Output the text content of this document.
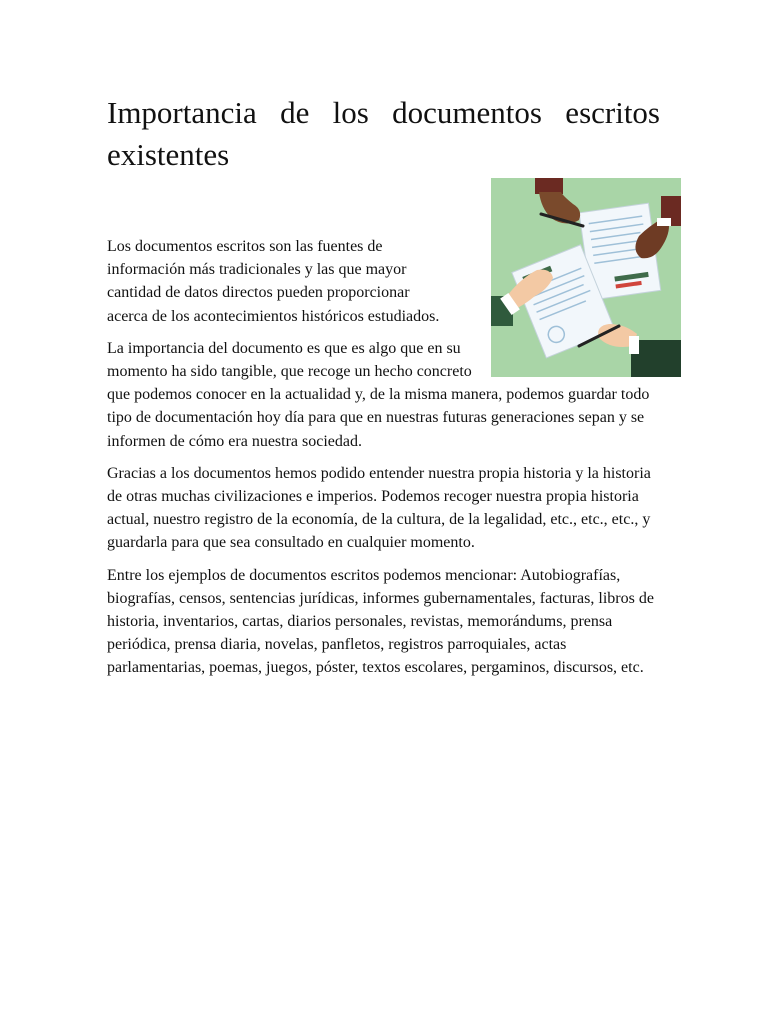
Importancia de los documentos escritos existentes

Los documentos escritos son las fuentes de información más tradicionales y las que mayor cantidad de datos directos pueden proporcionar acerca de los acontecimientos históricos estudiados.

La importancia del documento es que es algo que en su momento ha sido tangible, que recoge un hecho concreto que podemos conocer en la actualidad y, de la misma manera, podemos guardar todo tipo de documentación hoy día para que en nuestras futuras generaciones sepan y se informen de cómo era nuestra sociedad.

Gracias a los documentos hemos podido entender nuestra propia historia y la historia de otras muchas civilizaciones e imperios. Podemos recoger nuestra propia historia actual, nuestro registro de la economía, de la cultura, de la legalidad, etc., etc., etc., y guardarla para que sea consultado en cualquier momento.

Entre los ejemplos de documentos escritos podemos mencionar: Autobiografías, biografías, censos, sentencias jurídicas, informes gubernamentales, facturas, libros de historia, inventarios, cartas, diarios personales, revistas, memorándums, prensa periódica, prensa diaria, novelas, panfletos, registros parroquiales, actas parlamentarias, poemas, juegos, póster, textos escolares, pergaminos, discursos, etc.
